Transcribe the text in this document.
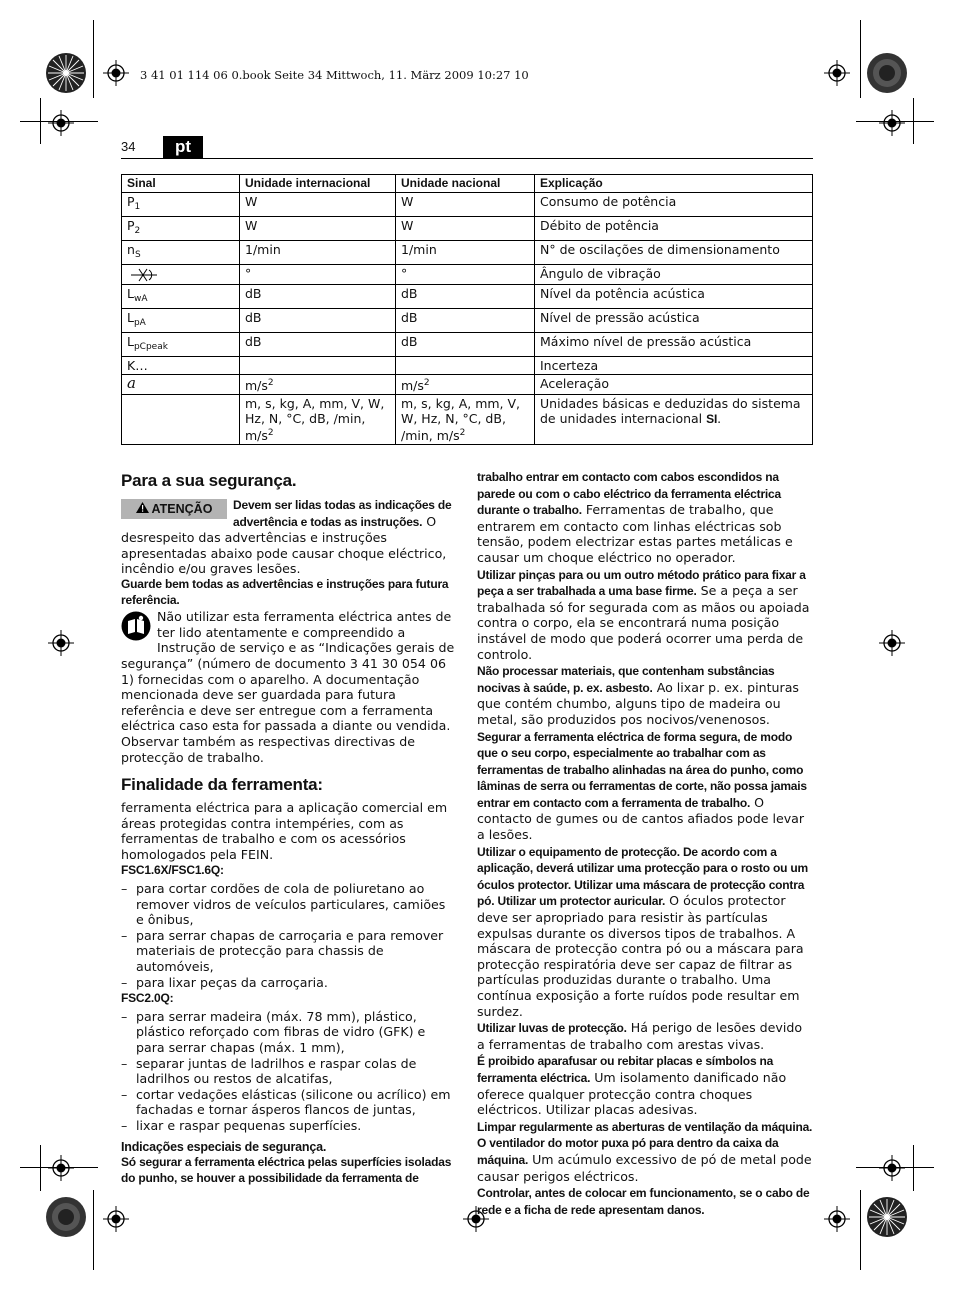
3 41 01 114 06 0.book Seite 34 Mittwoch, 11. März 2009 10:27 10
34	pt
Sinal	Unidade internacional	Unidade nacional	Explicação
$P_1$	W	W	Consumo de potência
$P_2$	W	W	Débito de potência
$n_S$	1/min	1/min	N° de oscilações de dimensionamento
	°	°	Ângulo de vibração
$L_{wA}$	dB	dB	Nível da potência acústica
$L_{pA}$	dB	dB	Nível de pressão acústica
$L_{pCpeak}$	dB	dB	Máximo nível de pressão acústica
K…			Incerteza
a	$m/s^2$	$m/s^2$	Aceleração
	m, s, kg, A, mm, V, W, Hz, N, °C, dB, /min, $m/s^2$	m, s, kg, A, mm, V, W, Hz, N, °C, dB, /min, $m/s^2$	Unidades básicas e deduzidas do sistema de unidades internacional SI.

Para a sua segurança.

ATENÇÃO	Devem ser lidas todas as indicações de advertência e todas as instruções. O desrespeito das advertências e instruções apresentadas abaixo pode causar choque eléctrico, incêndio e/ou graves lesões.

Guarde bem todas as advertências e instruções para futura referência.

Não utilizar esta ferramenta eléctrica antes de ter lido atentamente e compreendido a Instrução de serviço e as “Indicações gerais de segurança” (número de documento 3 41 30 054 06 1) fornecidas com o aparelho. A documentação mencionada deve ser guardada para futura referência e deve ser entregue com a ferramenta eléctrica caso esta for passada a diante ou vendida.

Observar também as respectivas directivas de protecção de trabalho.

Finalidade da ferramenta:

ferramenta eléctrica para a aplicação comercial em áreas protegidas contra intempéries, com as ferramentas de trabalho e com os acessórios homologados pela FEIN.

FSC1.6X/FSC1.6Q:

– para cortar cordões de cola de poliuretano ao remover vidros de veículos particulares, camiões e ônibus,
– para serrar chapas de carroçaria e para remover materiais de protecção para chassis de automóveis,
– para lixar peças da carroçaria.

FSC2.0Q:

– para serrar madeira (máx. 78 mm), plástico, plástico reforçado com fibras de vidro (GFK) e para serrar chapas (máx. 1 mm),
– separar juntas de ladrilhos e raspar colas de ladrilhos ou restos de alcatifas,
– cortar vedações elásticas (silicone ou acrílico) em fachadas e tornar ásperos flancos de juntas,
– lixar e raspar pequenas superfícies.

Indicações especiais de segurança.

Só segurar a ferramenta eléctrica pelas superfícies isoladas do punho, se houver a possibilidade da ferramenta de

trabalho entrar em contacto com cabos escondidos na parede ou com o cabo eléctrico da ferramenta eléctrica durante o trabalho. Ferramentas de trabalho, que entrarem em contacto com linhas eléctricas sob tensão, podem electrizar estas partes metálicas e causar um choque eléctrico no operador.

Utilizar pinças para ou um outro método prático para fixar a peça a ser trabalhada a uma base firme. Se a peça a ser trabalhada só for segurada com as mãos ou apoiada contra o corpo, ela se encontrará numa posição instável de modo que poderá ocorrer uma perda de controlo.

Não processar materiais, que contenham substâncias nocivas à saúde, p. ex. asbesto. Ao lixar p. ex. pinturas que contém chumbo, alguns tipo de madeira ou metal, são produzidos pos nocivos/venenosos.

Segurar a ferramenta eléctrica de forma segura, de modo que o seu corpo, especialmente ao trabalhar com as ferramentas de trabalho alinhadas na área do punho, como lâminas de serra ou ferramentas de corte, não possa jamais entrar em contacto com a ferramenta de trabalho. O contacto de gumes ou de cantos afiados pode levar a lesões.

Utilizar o equipamento de protecção. De acordo com a aplicação, deverá utilizar uma protecção para o rosto ou um óculos protector. Utilizar uma máscara de protecção contra pó. Utilizar um protector auricular. O óculos protector deve ser apropriado para resistir às partículas expulsas durante os diversos tipos de trabalhos. A máscara de protecção contra pó ou a máscara para protecção respiratória deve ser capaz de filtrar as partículas produzidas durante o trabalho. Uma contínua exposição a forte ruídos pode resultar em surdez.

Utilizar luvas de protecção. Há perigo de lesões devido a ferramentas de trabalho com arestas vivas.

É proibido aparafusar ou rebitar placas e símbolos na ferramenta eléctrica. Um isolamento danificado não oferece qualquer protecção contra choques eléctricos. Utilizar placas adesivas.

Limpar regularmente as aberturas de ventilação da máquina. O ventilador do motor puxa pó para dentro da caixa da máquina. Um acúmulo excessivo de pó de metal pode causar perigos eléctricos.

Controlar, antes de colocar em funcionamento, se o cabo de rede e a ficha de rede apresentam danos.
